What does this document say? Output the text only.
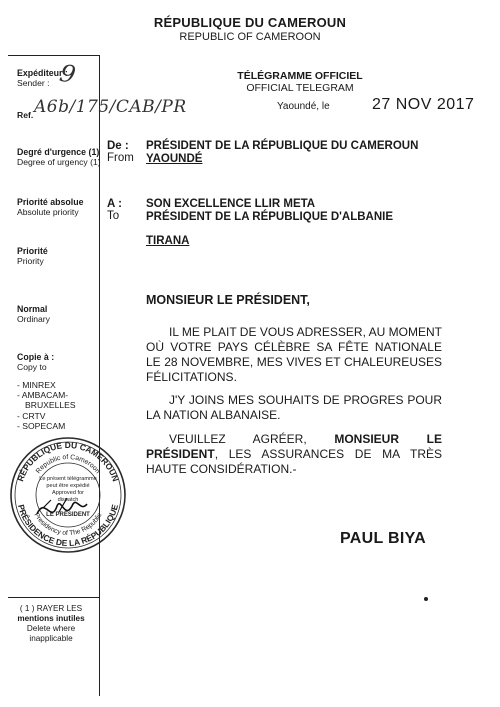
RÉPUBLIQUE DU CAMEROUN
REPUBLIC OF CAMEROON
Expéditeur :
Sender : 9
Ref. A6b/175/CAB/PR
Degré d'urgence (1)
Degree of urgency (1)
Priorité absolue
Absolute priority
Priorité
Priority
Normal
Ordinary
Copie à :
Copy to
- MINREX
- AMBACAM-
BRUXELLES
- CRTV
- SOPECAM
( 1 ) RAYER LES
mentions inutiles
Delete where
inapplicable
RÉPUBLIQUE DU CAMEROUN
PRÉSIDENCE DE LA RÉPUBLIQUE
Republic of Cameroon
Presidency of The Republic
Le présent télégramme
peut être expédié
Approved for
dispatch
LE PRÉSIDENT
TÉLÉGRAMME OFFICIEL
OFFICIAL TELEGRAM
Yaoundé, le	27 NOV 2017
De :
From
PRÉSIDENT DE LA RÉPUBLIQUE DU CAMEROUN
YAOUNDÉ
A :
To
SON EXCELLENCE LLIR META
PRÉSIDENT DE LA RÉPUBLIQUE D'ALBANIE
TIRANA
MONSIEUR LE PRÉSIDENT,
IL ME PLAIT DE VOUS ADRESSER, AU MOMENT OÙ VOTRE PAYS CÉLÈBRE SA FÊTE NATIONALE LE 28 NOVEMBRE, MES VIVES ET CHALEUREUSES FÉLICITATIONS.
J'Y JOINS MES SOUHAITS DE PROGRES POUR LA NATION ALBANAISE.
VEUILLEZ AGRÉER, MONSIEUR LE PRÉSIDENT, LES ASSURANCES DE MA TRÈS HAUTE CONSIDÉRATION.-
PAUL BIYA
